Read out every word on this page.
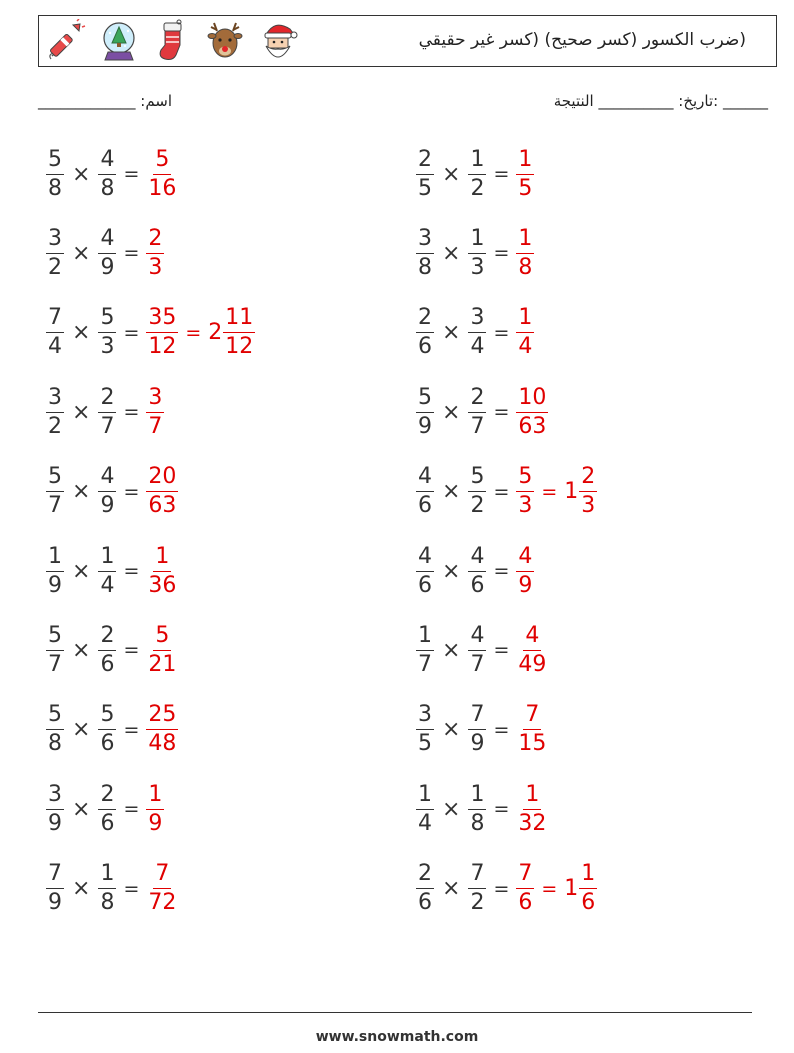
(ضرب الكسور (كسر صحيح) (كسر غير حقيقي
اسم: _____________	______ :تاريخ: __________ النتيجة
$\frac{5}{8} \times \frac{4}{8} = \frac{5}{16}$	$\frac{2}{5} \times \frac{1}{2} = \frac{1}{5}$
$\frac{3}{2} \times \frac{4}{9} = \frac{2}{3}$	$\frac{3}{8} \times \frac{1}{3} = \frac{1}{8}$
$\frac{7}{4} \times \frac{5}{3} = \frac{35}{12} = 2 \frac{11}{12}$	$\frac{2}{6} \times \frac{3}{4} = \frac{1}{4}$
$\frac{3}{2} \times \frac{2}{7} = \frac{3}{7}$	$\frac{5}{9} \times \frac{2}{7} = \frac{10}{63}$
$\frac{5}{7} \times \frac{4}{9} = \frac{20}{63}$	$\frac{4}{6} \times \frac{5}{2} = \frac{5}{3} = 1 \frac{2}{3}$
$\frac{1}{9} \times \frac{1}{4} = \frac{1}{36}$	$\frac{4}{6} \times \frac{4}{6} = \frac{4}{9}$
$\frac{5}{7} \times \frac{2}{6} = \frac{5}{21}$	$\frac{1}{7} \times \frac{4}{7} = \frac{4}{49}$
$\frac{5}{8} \times \frac{5}{6} = \frac{25}{48}$	$\frac{3}{5} \times \frac{7}{9} = \frac{7}{15}$
$\frac{3}{9} \times \frac{2}{6} = \frac{1}{9}$	$\frac{1}{4} \times \frac{1}{8} = \frac{1}{32}$
$\frac{7}{9} \times \frac{1}{8} = \frac{7}{72}$	$\frac{2}{6} \times \frac{7}{2} = \frac{7}{6} = 1 \frac{1}{6}$
www.snowmath.com
